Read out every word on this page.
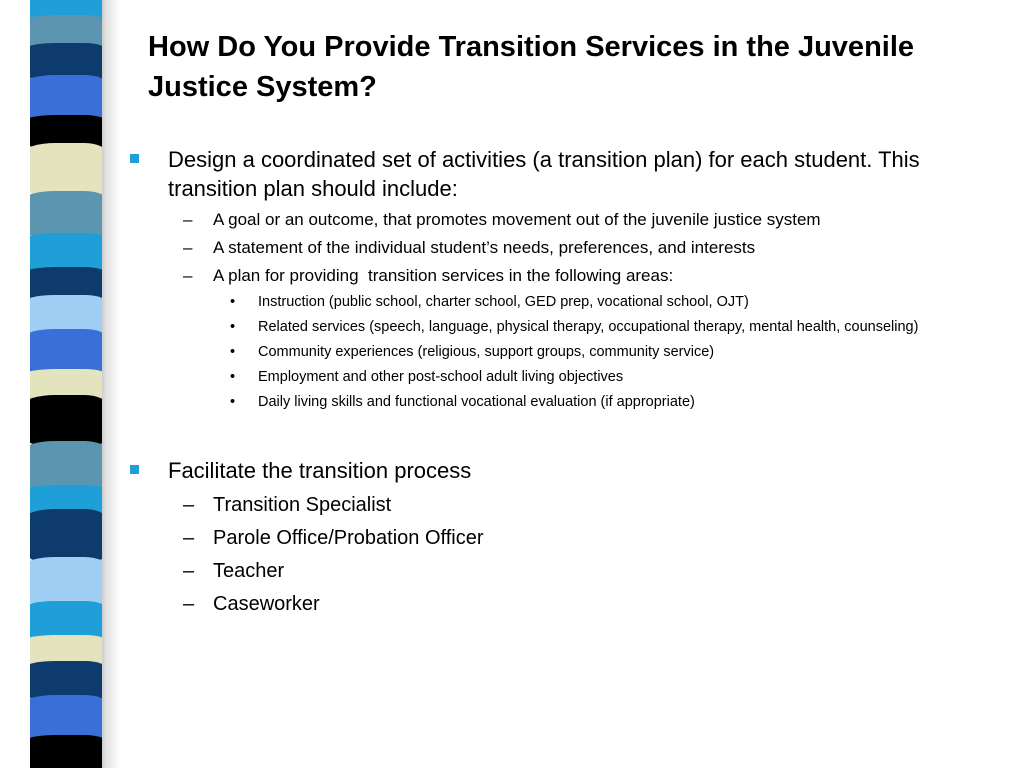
How Do You Provide Transition Services in the Juvenile Justice System?
Design a coordinated set of activities (a transition plan) for each student. This transition plan should include:
– A goal or an outcome, that promotes movement out of the juvenile justice system
– A statement of the individual student’s needs, preferences, and interests
– A plan for providing  transition services in the following areas:
• Instruction (public school, charter school, GED prep, vocational school, OJT)
• Related services (speech, language, physical therapy, occupational therapy, mental health, counseling)
• Community experiences (religious, support groups, community service)
• Employment and other post-school adult living objectives
• Daily living skills and functional vocational evaluation (if appropriate)
Facilitate the transition process
– Transition Specialist
– Parole Office/Probation Officer
– Teacher
– Caseworker
